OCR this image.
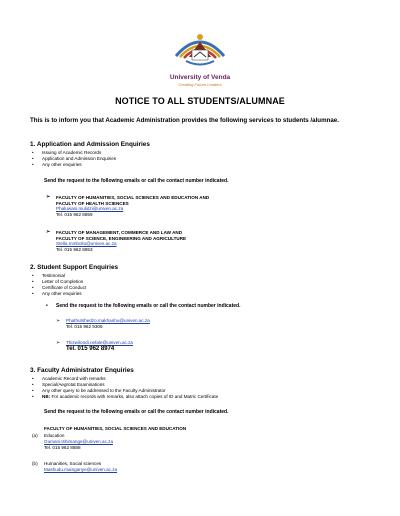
University of Venda
Creating Future Leaders
NOTICE TO ALL STUDENTS/ALUMNAE
This is to inform you that Academic Administration provides the following services to students /alumnae.
1. Application and Admission Enquiries
• Issuing of Academic Records
• Application and Admission Enquiries
• Any other enquiries
Send the request to the following emails or call the contact number indicated.
➢ FACULTY OF HUMANITIES, SOCIAL SCIENCES AND EDUCATION AND
FACULTY OF HEALTH SCIENCES
Phaluwani.mulidzi@univen.ac.za
Tel. 015 962 8859
➢ FACULTY OF MANAGEMENT, COMMERCE AND LAW AND
FACULTY OF SCIENCE, ENGINEERING AND AGRICULTURE
Stella.mmbolio@univen.ac.za
Tel. 015 962 8853
2. Student Support Enquiries
• Testimonial
• Letter of Completion
• Certificate of Conduct
• Any other enquiries
• Send the request to the following emails or call the contact number indicated.
➢ Phathutshedzo.makhanhu@univen.ac.za
Tel. 015 962 9305
➢ Thizwilondi.nefale@univen.ac.za
Tel. 015 962 8974
3. Faculty Administrator Enquiries
• Academic Record with remarks
• Special/Aegrotat Examinations
• Any other query to be addressed to the Faculty Administrator
• NB: For academic records with remarks, also attach copies of ID and Matric Certificate
Send the request to the following emails or call the contact number indicated.
FACULTY OF HUMANITIES, SOCIAL SCIENCES AND EDUCATION
(a) Education
Gumani.tshimange@univen.ac.za
Tel. 015 962 8888
(b) Humanities, Social sciences
Mashudu.mainganye@univen.ac.za
